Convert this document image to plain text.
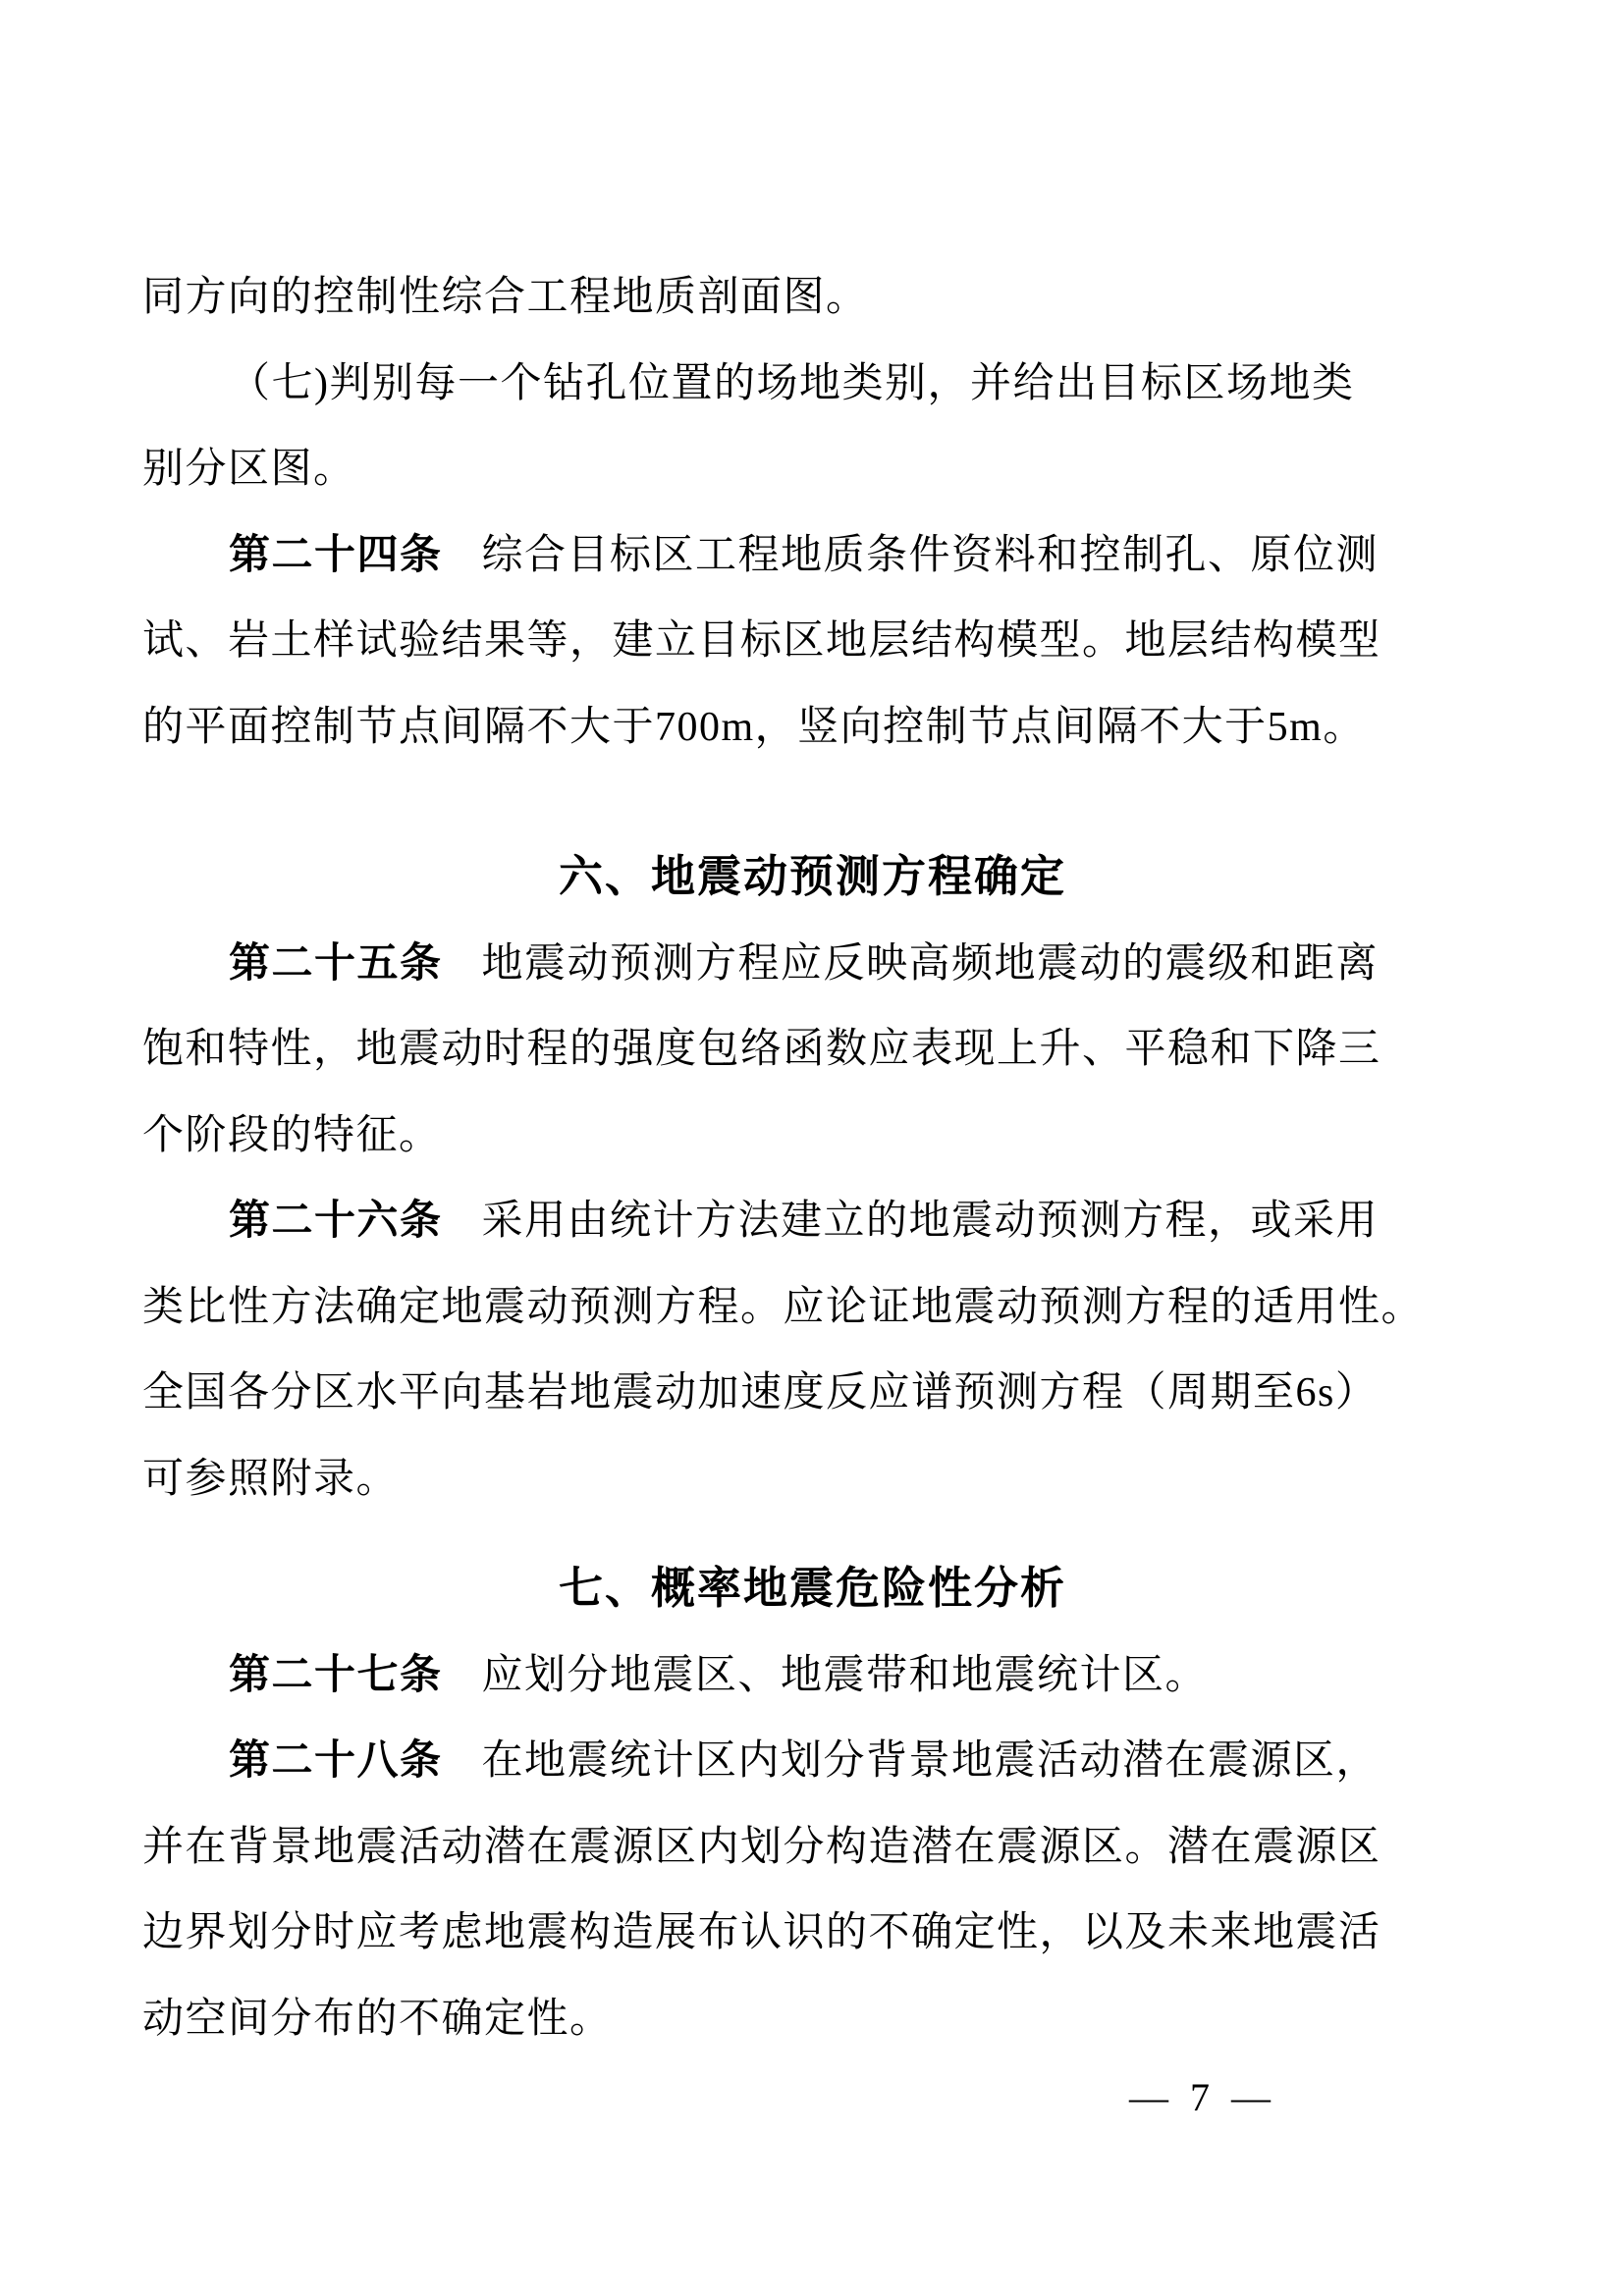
同方向的控制性综合工程地质剖面图。
（七)判别每一个钻孔位置的场地类别，并给出目标区场地类
别分区图。
第二十四条 综合目标区工程地质条件资料和控制孔、原位测
试、岩土样试验结果等，建立目标区地层结构模型。地层结构模型
的平面控制节点间隔不大于700m，竖向控制节点间隔不大于5m。
六、地震动预测方程确定
第二十五条 地震动预测方程应反映高频地震动的震级和距离
饱和特性，地震动时程的强度包络函数应表现上升、平稳和下降三
个阶段的特征。
第二十六条 采用由统计方法建立的地震动预测方程，或采用
类比性方法确定地震动预测方程。应论证地震动预测方程的适用性。
全国各分区水平向基岩地震动加速度反应谱预测方程（周期至6s）
可参照附录。
七、概率地震危险性分析
第二十七条 应划分地震区、地震带和地震统计区。
第二十八条 在地震统计区内划分背景地震活动潜在震源区，
并在背景地震活动潜在震源区内划分构造潜在震源区。潜在震源区
边界划分时应考虑地震构造展布认识的不确定性，以及未来地震活
动空间分布的不确定性。
— 7 —
